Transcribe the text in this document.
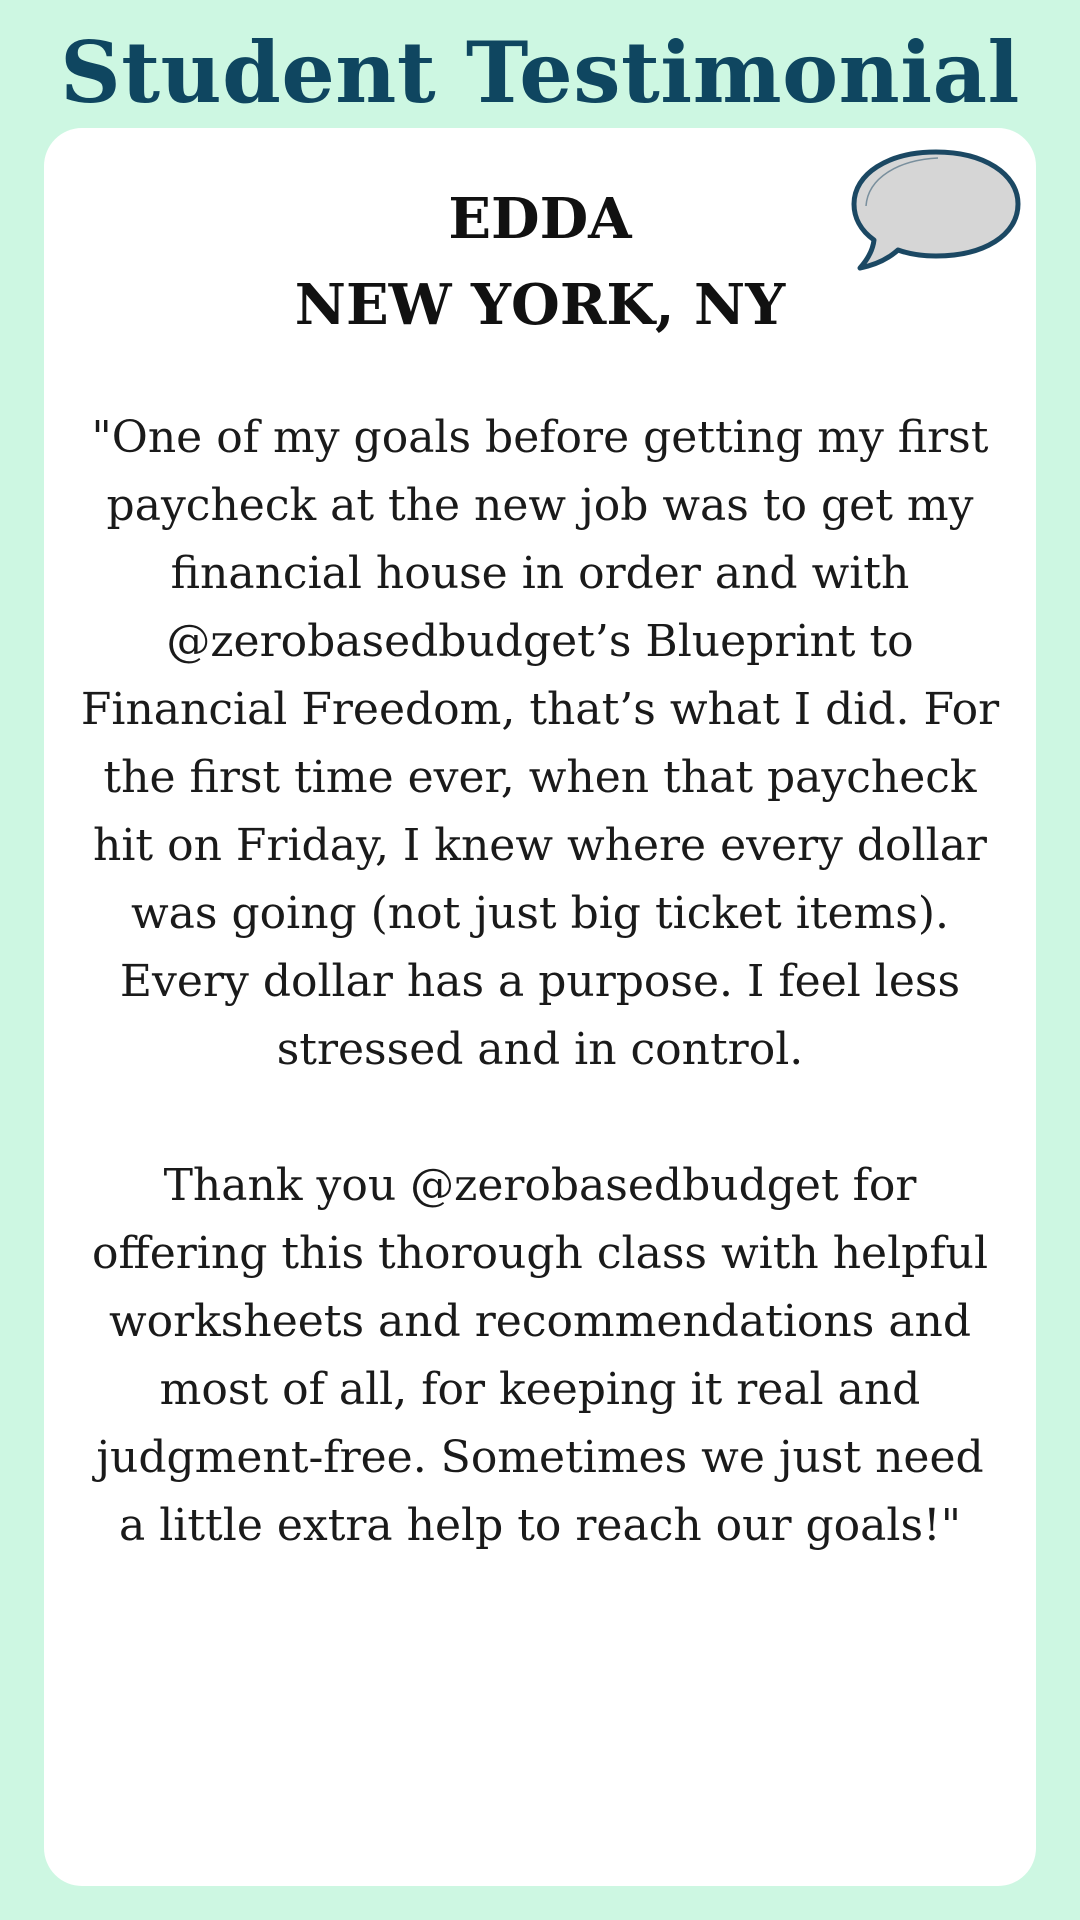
Student Testimonial
EDDA
NEW YORK, NY

"One of my goals before getting my first paycheck at the new job was to get my financial house in order and with @zerobasedbudget’s Blueprint to Financial Freedom, that’s what I did. For the first time ever, when that paycheck hit on Friday, I knew where every dollar was going (not just big ticket items). Every dollar has a purpose. I feel less stressed and in control.

Thank you @zerobasedbudget for offering this thorough class with helpful worksheets and recommendations and most of all, for keeping it real and judgment-free. Sometimes we just need a little extra help to reach our goals!"
